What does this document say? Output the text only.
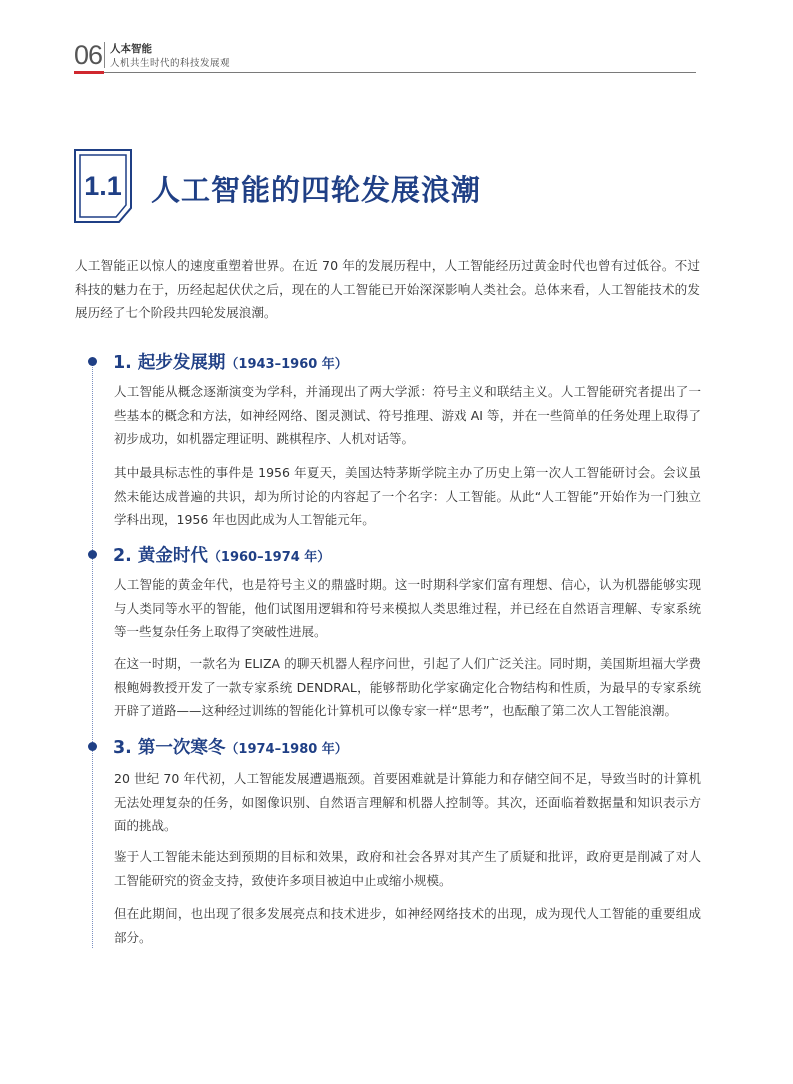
06 人本智能
人机共生时代的科技发展观
1.1 人工智能的四轮发展浪潮

人工智能正以惊人的速度重塑着世界。在近 70 年的发展历程中，人工智能经历过黄金时代也曾有过低谷。不过科技的魅力在于，历经起起伏伏之后，现在的人工智能已开始深深影响人类社会。总体来看，人工智能技术的发展历经了七个阶段共四轮发展浪潮。

1. 起步发展期（1943–1960 年）

人工智能从概念逐渐演变为学科，并涌现出了两大学派：符号主义和联结主义。人工智能研究者提出了一些基本的概念和方法，如神经网络、图灵测试、符号推理、游戏 AI 等，并在一些简单的任务处理上取得了初步成功，如机器定理证明、跳棋程序、人机对话等。

其中最具标志性的事件是 1956 年夏天，美国达特茅斯学院主办了历史上第一次人工智能研讨会。会议虽然未能达成普遍的共识，却为所讨论的内容起了一个名字：人工智能。从此“人工智能”开始作为一门独立学科出现，1956 年也因此成为人工智能元年。

2. 黄金时代（1960–1974 年）

人工智能的黄金年代，也是符号主义的鼎盛时期。这一时期科学家们富有理想、信心，认为机器能够实现与人类同等水平的智能，他们试图用逻辑和符号来模拟人类思维过程，并已经在自然语言理解、专家系统等一些复杂任务上取得了突破性进展。

在这一时期，一款名为 ELIZA 的聊天机器人程序问世，引起了人们广泛关注。同时期，美国斯坦福大学费根鲍姆教授开发了一款专家系统 DENDRAL，能够帮助化学家确定化合物结构和性质，为最早的专家系统开辟了道路——这种经过训练的智能化计算机可以像专家一样“思考”，也酝酿了第二次人工智能浪潮。

3. 第一次寒冬（1974–1980 年）

20 世纪 70 年代初，人工智能发展遭遇瓶颈。首要困难就是计算能力和存储空间不足，导致当时的计算机无法处理复杂的任务，如图像识别、自然语言理解和机器人控制等。其次，还面临着数据量和知识表示方面的挑战。

鉴于人工智能未能达到预期的目标和效果，政府和社会各界对其产生了质疑和批评，政府更是削减了对人工智能研究的资金支持，致使许多项目被迫中止或缩小规模。

但在此期间，也出现了很多发展亮点和技术进步，如神经网络技术的出现，成为现代人工智能的重要组成部分。
